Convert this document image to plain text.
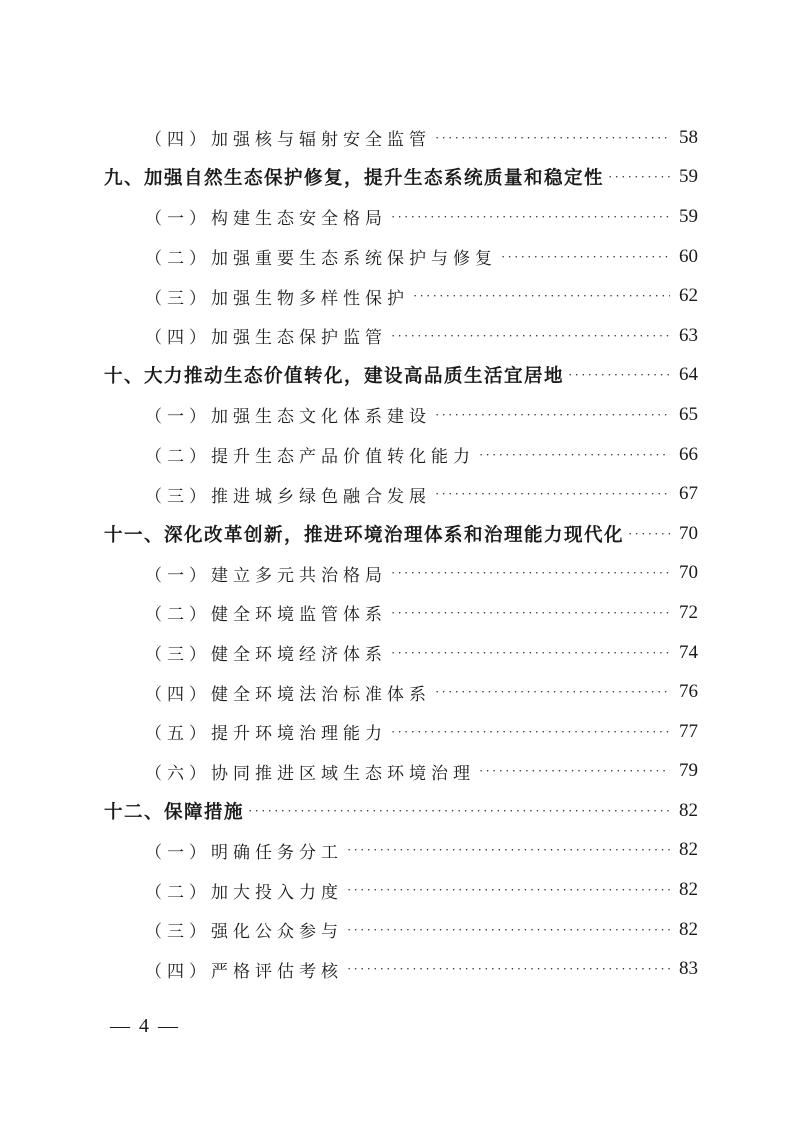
（四）加强核与辐射安全监管 ·····	58
九、加强自然生态保护修复，提升生态系统质量和稳定性 ·····	59
（一）构建生态安全格局 ·····	59
（二）加强重要生态系统保护与修复 ·····	60
（三）加强生物多样性保护 ·····	62
（四）加强生态保护监管 ·····	63
十、大力推动生态价值转化，建设高品质生活宜居地 ·····	64
（一）加强生态文化体系建设 ·····	65
（二）提升生态产品价值转化能力 ·····	66
（三）推进城乡绿色融合发展 ·····	67
十一、深化改革创新，推进环境治理体系和治理能力现代化 ·····	70
（一）建立多元共治格局 ·····	70
（二）健全环境监管体系 ·····	72
（三）健全环境经济体系 ·····	74
（四）健全环境法治标准体系 ·····	76
（五）提升环境治理能力 ·····	77
（六）协同推进区域生态环境治理 ·····	79
十二、保障措施 ·····	82
（一）明确任务分工 ·····	82
（二）加大投入力度 ·····	82
（三）强化公众参与 ·····	82
（四）严格评估考核 ·····	83
— 4 —
